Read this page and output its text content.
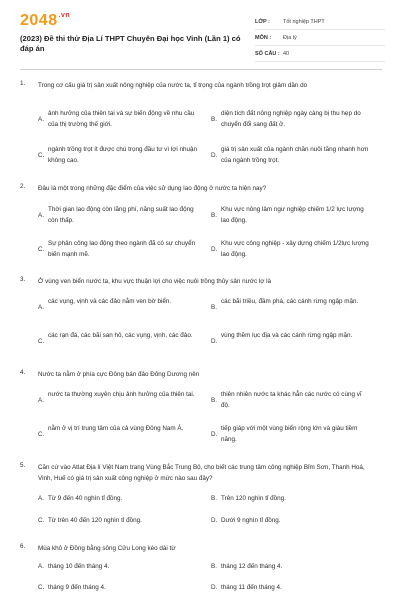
$2048^{.vn}$
(2023) Đề thi thử Địa Lí THPT Chuyên Đại học Vinh (Lần 1) có đáp án
LỚP :	Tốt nghiệp THPT
MÔN :	Địa lý
SỐ CÂU : 40
1. Trong cơ cấu giá trị sản xuất nông nghiệp của nước ta, tỉ trọng của ngành trồng trọt giảm dần do
A.
ảnh hưởng của thiên tai và sự biến động về nhu cầu của thị trường thế giới.
B.
diện tích đất nông nghiệp ngày càng bị thu hẹp do chuyển đổi sang đất ở.
C.
ngành trồng trọt ít được chú trọng đầu tư vì lợi nhuận không cao.
D.
giá trị sản xuất của ngành chăn nuôi tăng nhanh hơn của ngành trồng trọt.
2. Đâu là một trong những đặc điểm của việc sử dụng lao động ở nước ta hiện nay?
A.
Thời gian lao động còn lãng phí, năng suất lao động còn thấp.
B.
Khu vực nông lâm ngư nghiệp chiếm 1/2 lực lượng lao động.
C.
Sự phân công lao động theo ngành đã có sự chuyển biến mạnh mẽ.
D.
Khu vực công nghiệp - xây dựng chiếm 1/2lực lượng lao động.
3. Ở vùng ven biển nước ta, khu vực thuận lợi cho việc nuôi trồng thủy sản nước lợ là
A.
các vụng, vịnh và các đảo nằm ven bờ biển.
B.
các bãi triều, đầm phá, các cánh rừng ngập mặn.
C.
các rạn đá, các bãi san hô, các vụng, vịnh, các đảo.
D.
vùng thềm lục địa và các cánh rừng ngập mặn.
4. Nước ta nằm ở phía cực Đông bán đảo Đông Dương nên
A.
nước ta thường xuyên chịu ảnh hưởng của thiên tai.
B.
thiên nhiên nước ta khác hẳn các nước có cùng vĩ độ.
C.
nằm ở vị trí trung tâm của cả vùng Đông Nam Á.
D.
tiếp giáp với một vùng biển rộng lớn và giàu tiềm năng.
5. Căn cứ vào Atlat Địa lí Việt Nam trang Vùng Bắc Trung Bộ, cho biết các trung tâm công nghiệp Bỉm Sơn, Thanh Hoá, Vinh, Huế có giá trị sản xuất công nghiệp ở mức nào sau đây?
A. Từ 9 đến 40 nghìn tỉ đồng.	B. Trên 120 nghìn tỉ đồng.
C. Từ trên 40 đến 120 nghìn tỉ đồng.	D. Dưới 9 nghìn tỉ đồng.
6. Mùa khô ở Đồng bằng sông Cửu Long kéo dài từ
A. tháng 10 đến tháng 4.	B. tháng 12 đến tháng 4.
C. tháng 9 đến tháng 4.	D. tháng 11 đến tháng 4.
